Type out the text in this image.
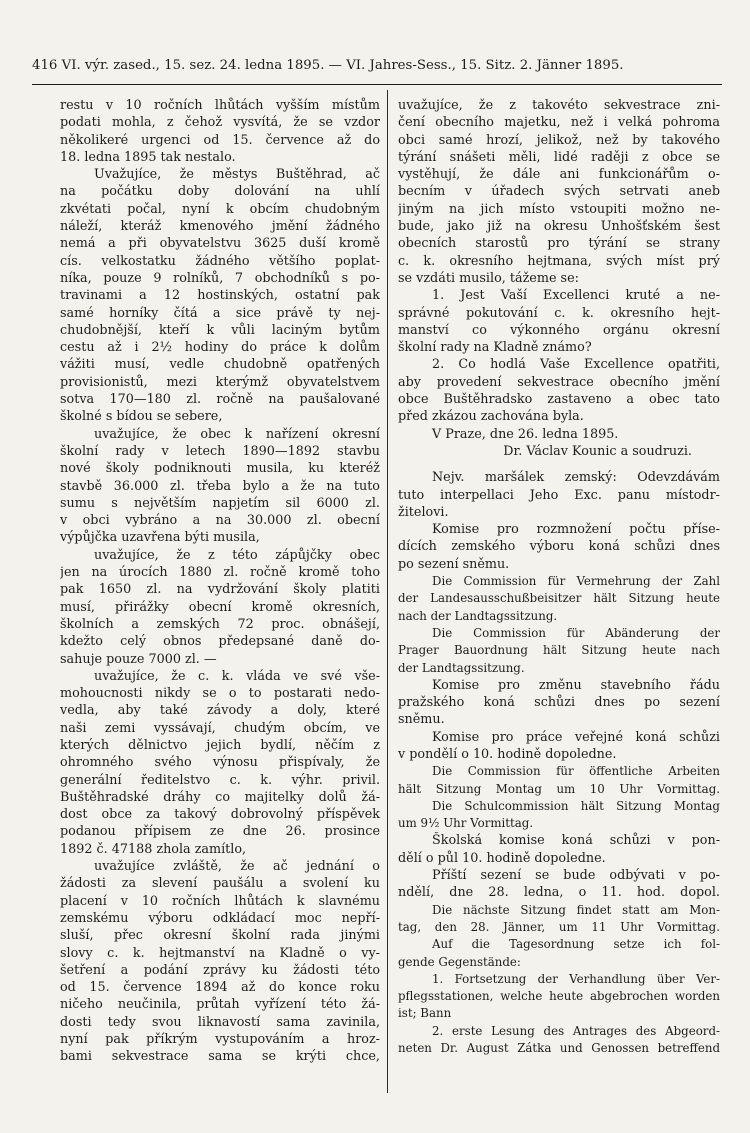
416 VI. výr. zased., 15. sez. 24. ledna 1895. — VI. Jahres-Sess., 15. Sitz. 2. Jänner 1895.
restu v 10 ročních lhůtách vyšším místům
podati mohla, z čehož vysvítá, že se vzdor
několikeré urgenci od 15. července až do
18. ledna 1895 tak nestalo.
Uvažujíce, že městys Buštěhrad, ač
na počátku doby dolování na uhlí
zkvétati počal, nyní k obcím chudobným
náleží, kteráž kmenového jmění žádného
nemá a při obyvatelstvu 3625 duší kromě
cís. velkostatku žádného většího poplat-
níka, pouze 9 rolníků, 7 obchodníků s po-
travinami a 12 hostinských, ostatní pak
samé horníky čítá a sice právě ty nej-
chudobnější, kteří k vůli laciným bytům
cestu až i 2½ hodiny do práce k dolům
vážiti musí, vedle chudobně opatřených
provisionistů, mezi kterýmž obyvatelstvem
sotva 170—180 zl. ročně na paušalované
školné s bídou se sebere,
uvažujíce, že obec k nařízení okresní
školní rady v letech 1890—1892 stavbu
nové školy podniknouti musila, ku kteréž
stavbě 36.000 zl. třeba bylo a že na tuto
sumu s největším napjetím sil 6000 zl.
v obci vybráno a na 30.000 zl. obecní
výpůjčka uzavřena býti musila,
uvažujíce, že z této zápůjčky obec
jen na úrocích 1880 zl. ročně kromě toho
pak 1650 zl. na vydržování školy platiti
musí, přirážky obecní kromě okresních,
školních a zemských 72 proc. obnášejí,
kdežto celý obnos předepsané daně do-
sahuje pouze 7000 zl. —
uvažujíce, že c. k. vláda ve své vše-
mohoucnosti nikdy se o to postarati nedo-
vedla, aby také závody a doly, které
naši zemi vyssávají, chudým obcím, ve
kterých dělnictvo jejich bydlí, něčím z
ohromného svého výnosu přispívaly, že
generální ředitelstvo c. k. výhr. privil.
Buštěhradské dráhy co majitelky dolů žá-
dost obce za takový dobrovolný příspěvek
podanou přípisem ze dne 26. prosince
1892 č. 47188 zhola zamítlo,
uvažujíce zvláště, že ač jednání o
žádosti za slevení paušálu a svolení ku
placení v 10 ročních lhůtách k slavnému
zemskému výboru odkládací moc nepří-
sluší, přec okresní školní rada jinými
slovy c. k. hejtmanství na Kladně o vy-
šetření a podání zprávy ku žádosti této
od 15. července 1894 až do konce roku
ničeho neučinila, průtah vyřízení této žá-
dosti tedy svou liknavostí sama zavinila,
nyní pak příkrým vystupováním a hroz-
bami sekvestrace sama se krýti chce,
uvažujíce, že z takovéto sekvestrace zni-
čení obecního majetku, než i velká pohroma
obci samé hrozí, jelikož, než by takového
týrání snášeti měli, lidé raději z obce se
vystěhují, že dále ani funkcionářům o-
becním v úřadech svých setrvati aneb
jiným na jich místo vstoupiti možno ne-
bude, jako již na okresu Unhošťském šest
obecních starostů pro týrání se strany
c. k. okresního hejtmana, svých míst prý
se vzdáti musilo, tážeme se:
1. Jest Vaší Excellenci kruté a ne-
správné pokutování c. k. okresního hejt-
manství co výkonného orgánu okresní
školní rady na Kladně známo?
2. Co hodlá Vaše Excellence opatřiti,
aby provedení sekvestrace obecního jmění
obce Buštěhradsko zastaveno a obec tato
před zkázou zachována byla.
V Praze, dne 26. ledna 1895.
Dr. Václav Kounic a soudruzi.
Nejv. maršálek zemský: Odevzdávám
tuto interpellaci Jeho Exc. panu místodr-
žitelovi.
Komise pro rozmnožení počtu příse-
dících zemského výboru koná schůzi dnes
po sezení sněmu.
Die Commission für Vermehrung der Zahl
der Landesausschußbeisitzer hält Sitzung heute
nach der Landtagssitzung.
Die Commission für Abänderung der
Prager Bauordnung hält Sitzung heute nach
der Landtagssitzung.
Komise pro změnu stavebního řádu
pražského koná schůzi dnes po sezení
sněmu.
Komise pro práce veřejné koná schůzi
v pondělí o 10. hodině dopoledne.
Die Commission für öffentliche Arbeiten
hält Sitzung Montag um 10 Uhr Vormittag.
Die Schulcommission hält Sitzung Montag
um 9½ Uhr Vormittag.
Školská komise koná schůzi v pon-
dělí o půl 10. hodině dopoledne.
Příští sezení se bude odbývati v po-
ndělí, dne 28. ledna, o 11. hod. dopol.
Die nächste Sitzung findet statt am Mon-
tag, den 28. Jänner, um 11 Uhr Vormittag.
Auf die Tagesordnung setze ich fol-
gende Gegenstände:
1. Fortsetzung der Verhandlung über Ver-
pflegsstationen, welche heute abgebrochen worden
ist; Bann
2. erste Lesung des Antrages des Abgeord-
neten Dr. August Zátka und Genossen betreffend
